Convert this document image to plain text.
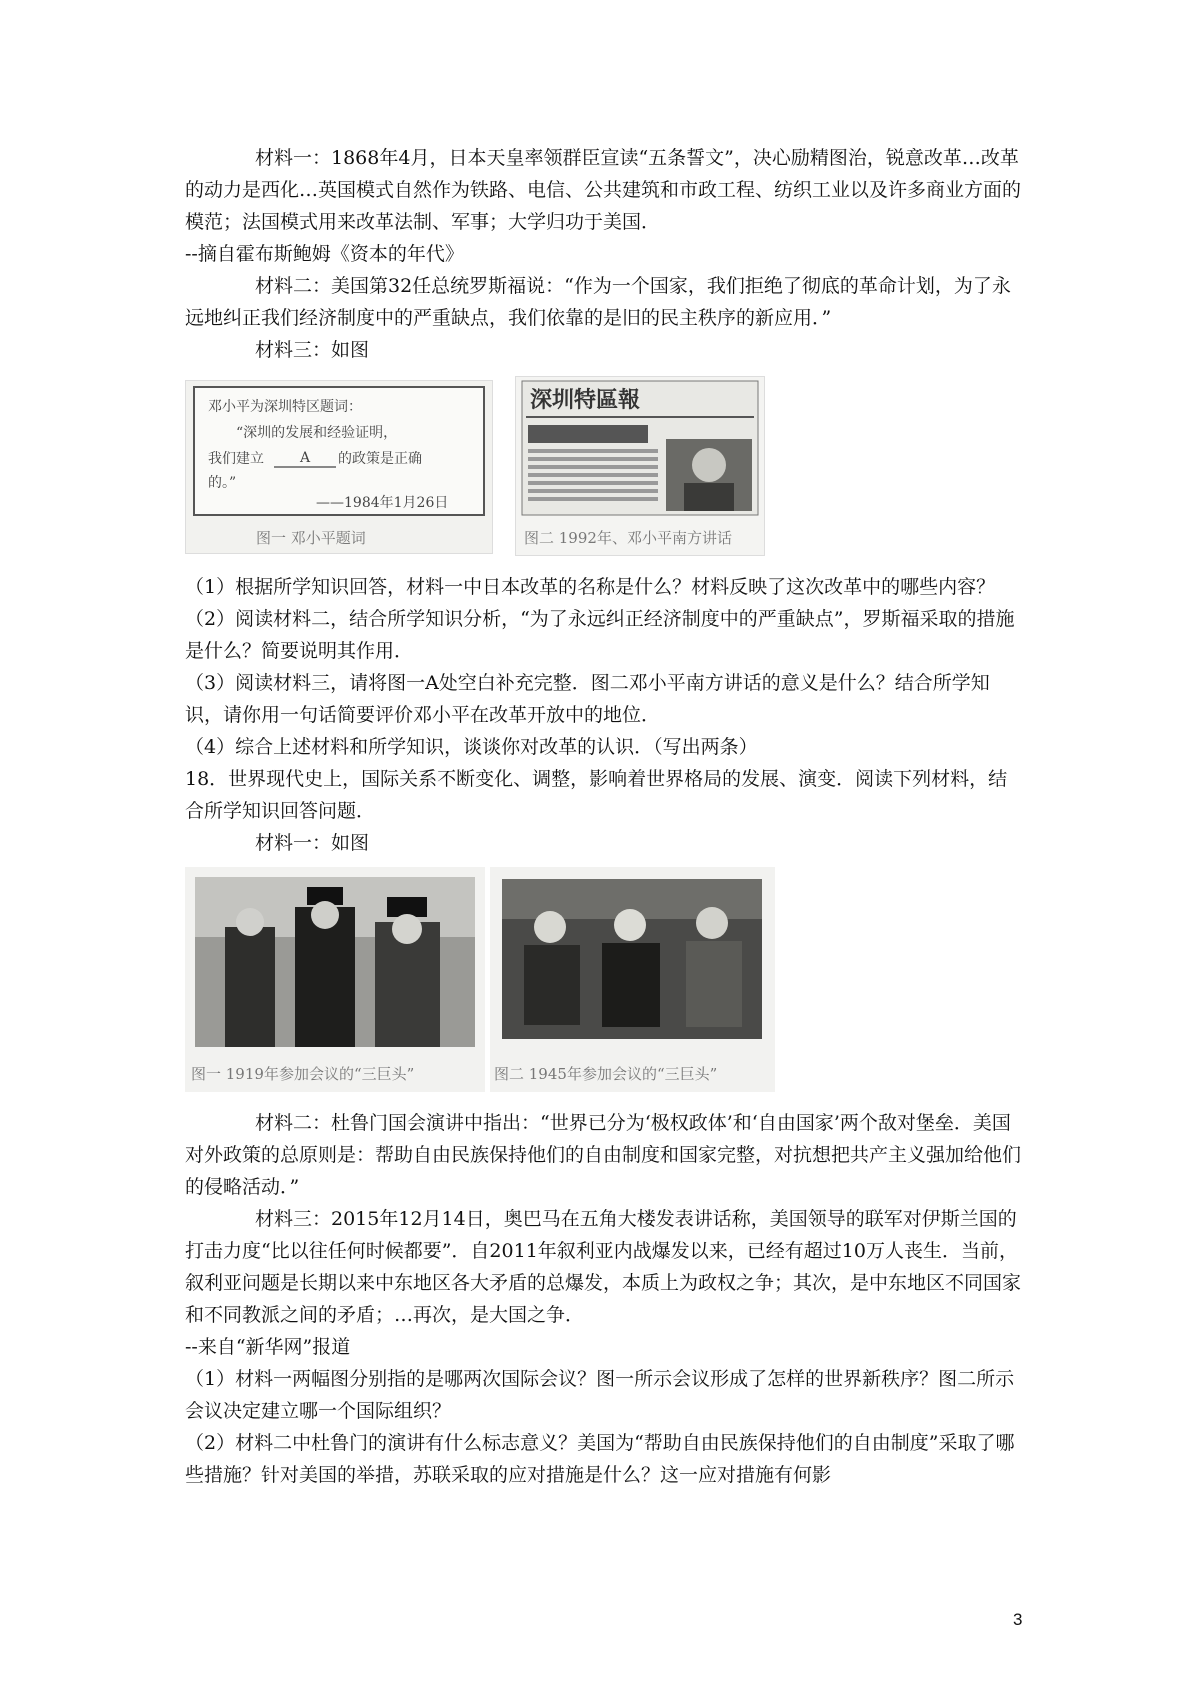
材料一：1868年4月，日本天皇率领群臣宣读“五条誓文”，决心励精图治，锐意改革…改革的动力是西化…英国模式自然作为铁路、电信、公共建筑和市政工程、纺织工业以及许多商业方面的模范；法国模式用来改革法制、军事；大学归功于美国．

--摘自霍布斯鲍姆《资本的年代》

材料二：美国第32任总统罗斯福说：“作为一个国家，我们拒绝了彻底的革命计划，为了永远地纠正我们经济制度中的严重缺点，我们依靠的是旧的民主秩序的新应用．”

材料三：如图

邓小平为深圳特区题词：
“深圳的发展和经验证明，
我们建立	A 的政策是正确
的。”
——1984年1月26日
图一 邓小平题词
深圳特區報
图二 1992年、邓小平南方讲话

（1）根据所学知识回答，材料一中日本改革的名称是什么？材料反映了这次改革中的哪些内容？

（2）阅读材料二，结合所学知识分析，“为了永远纠正经济制度中的严重缺点”，罗斯福采取的措施是什么？简要说明其作用．

（3）阅读材料三，请将图一A处空白补充完整．图二邓小平南方讲话的意义是什么？结合所学知识，请你用一句话简要评价邓小平在改革开放中的地位．

（4）综合上述材料和所学知识，谈谈你对改革的认识．（写出两条）

18．世界现代史上，国际关系不断变化、调整，影响着世界格局的发展、演变．阅读下列材料，结合所学知识回答问题．

材料一：如图

图一 1919年参加会议的“三巨头”	图二 1945年参加会议的“三巨头”

材料二：杜鲁门国会演讲中指出：“世界已分为‘极权政体’和‘自由国家’两个敌对堡垒．美国对外政策的总原则是：帮助自由民族保持他们的自由制度和国家完整，对抗想把共产主义强加给他们的侵略活动．”

材料三：2015年12月14日，奥巴马在五角大楼发表讲话称，美国领导的联军对伊斯兰国的打击力度“比以往任何时候都要”．自2011年叙利亚内战爆发以来，已经有超过10万人丧生．当前，叙利亚问题是长期以来中东地区各大矛盾的总爆发，本质上为政权之争；其次，是中东地区不同国家和不同教派之间的矛盾；…再次，是大国之争．

--来自“新华网”报道

（1）材料一两幅图分别指的是哪两次国际会议？图一所示会议形成了怎样的世界新秩序？图二所示会议决定建立哪一个国际组织？

（2）材料二中杜鲁门的演讲有什么标志意义？美国为“帮助自由民族保持他们的自由制度”采取了哪些措施？针对美国的举措，苏联采取的应对措施是什么？这一应对措施有何影

3
